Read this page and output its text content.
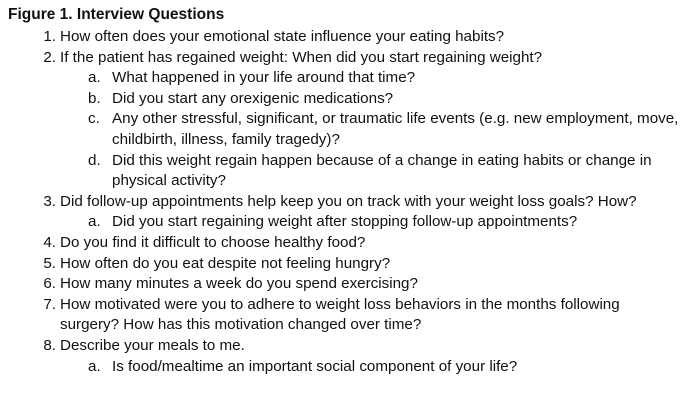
Figure 1. Interview Questions
1. How often does your emotional state influence your eating habits?
2. If the patient has regained weight: When did you start regaining weight?
a. What happened in your life around that time?
b. Did you start any orexigenic medications?
c. Any other stressful, significant, or traumatic life events (e.g. new employment, move, childbirth, illness, family tragedy)?
d. Did this weight regain happen because of a change in eating habits or change in physical activity?
3. Did follow-up appointments help keep you on track with your weight loss goals? How?
a. Did you start regaining weight after stopping follow-up appointments?
4. Do you find it difficult to choose healthy food?
5. How often do you eat despite not feeling hungry?
6. How many minutes a week do you spend exercising?
7. How motivated were you to adhere to weight loss behaviors in the months following surgery? How has this motivation changed over time?
8. Describe your meals to me.
a. Is food/mealtime an important social component of your life?
